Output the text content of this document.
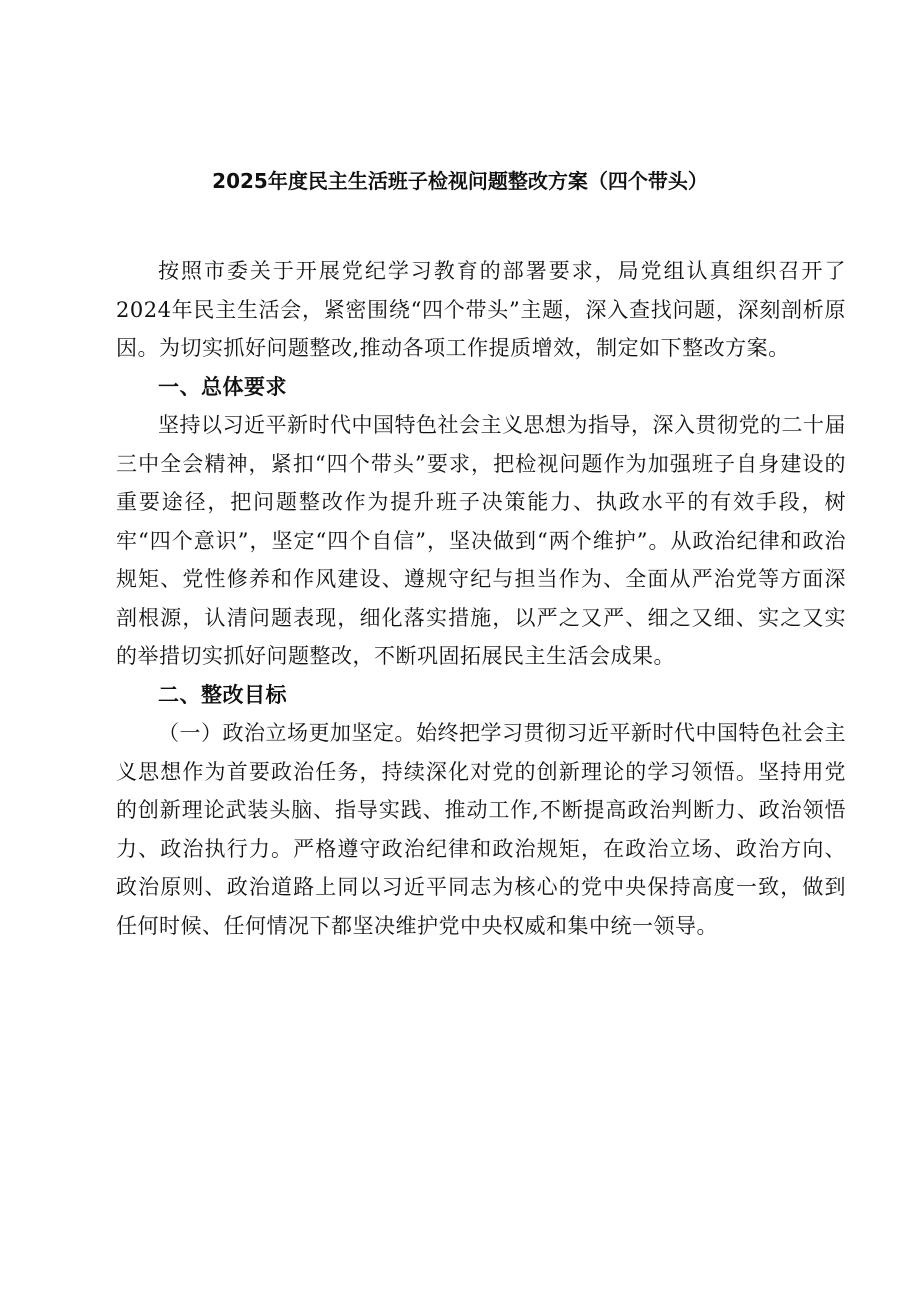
2025年度民主生活班子检视问题整改方案（四个带头）

按照市委关于开展党纪学习教育的部署要求，局党组认真组织召开了2024年民主生活会，紧密围绕“四个带头”主题，深入查找问题，深刻剖析原因。为切实抓好问题整改,推动各项工作提质增效，制定如下整改方案。

一、总体要求

坚持以习近平新时代中国特色社会主义思想为指导，深入贯彻党的二十届三中全会精神，紧扣“四个带头”要求，把检视问题作为加强班子自身建设的重要途径，把问题整改作为提升班子决策能力、执政水平的有效手段，树牢“四个意识”，坚定“四个自信”，坚决做到“两个维护”。从政治纪律和政治规矩、党性修养和作风建设、遵规守纪与担当作为、全面从严治党等方面深剖根源，认清问题表现，细化落实措施，以严之又严、细之又细、实之又实的举措切实抓好问题整改，不断巩固拓展民主生活会成果。

二、整改目标

（一）政治立场更加坚定。始终把学习贯彻习近平新时代中国特色社会主义思想作为首要政治任务，持续深化对党的创新理论的学习领悟。坚持用党的创新理论武装头脑、指导实践、推动工作,不断提高政治判断力、政治领悟力、政治执行力。严格遵守政治纪律和政治规矩，在政治立场、政治方向、政治原则、政治道路上同以习近平同志为核心的党中央保持高度一致，做到任何时候、任何情况下都坚决维护党中央权威和集中统一领导。
